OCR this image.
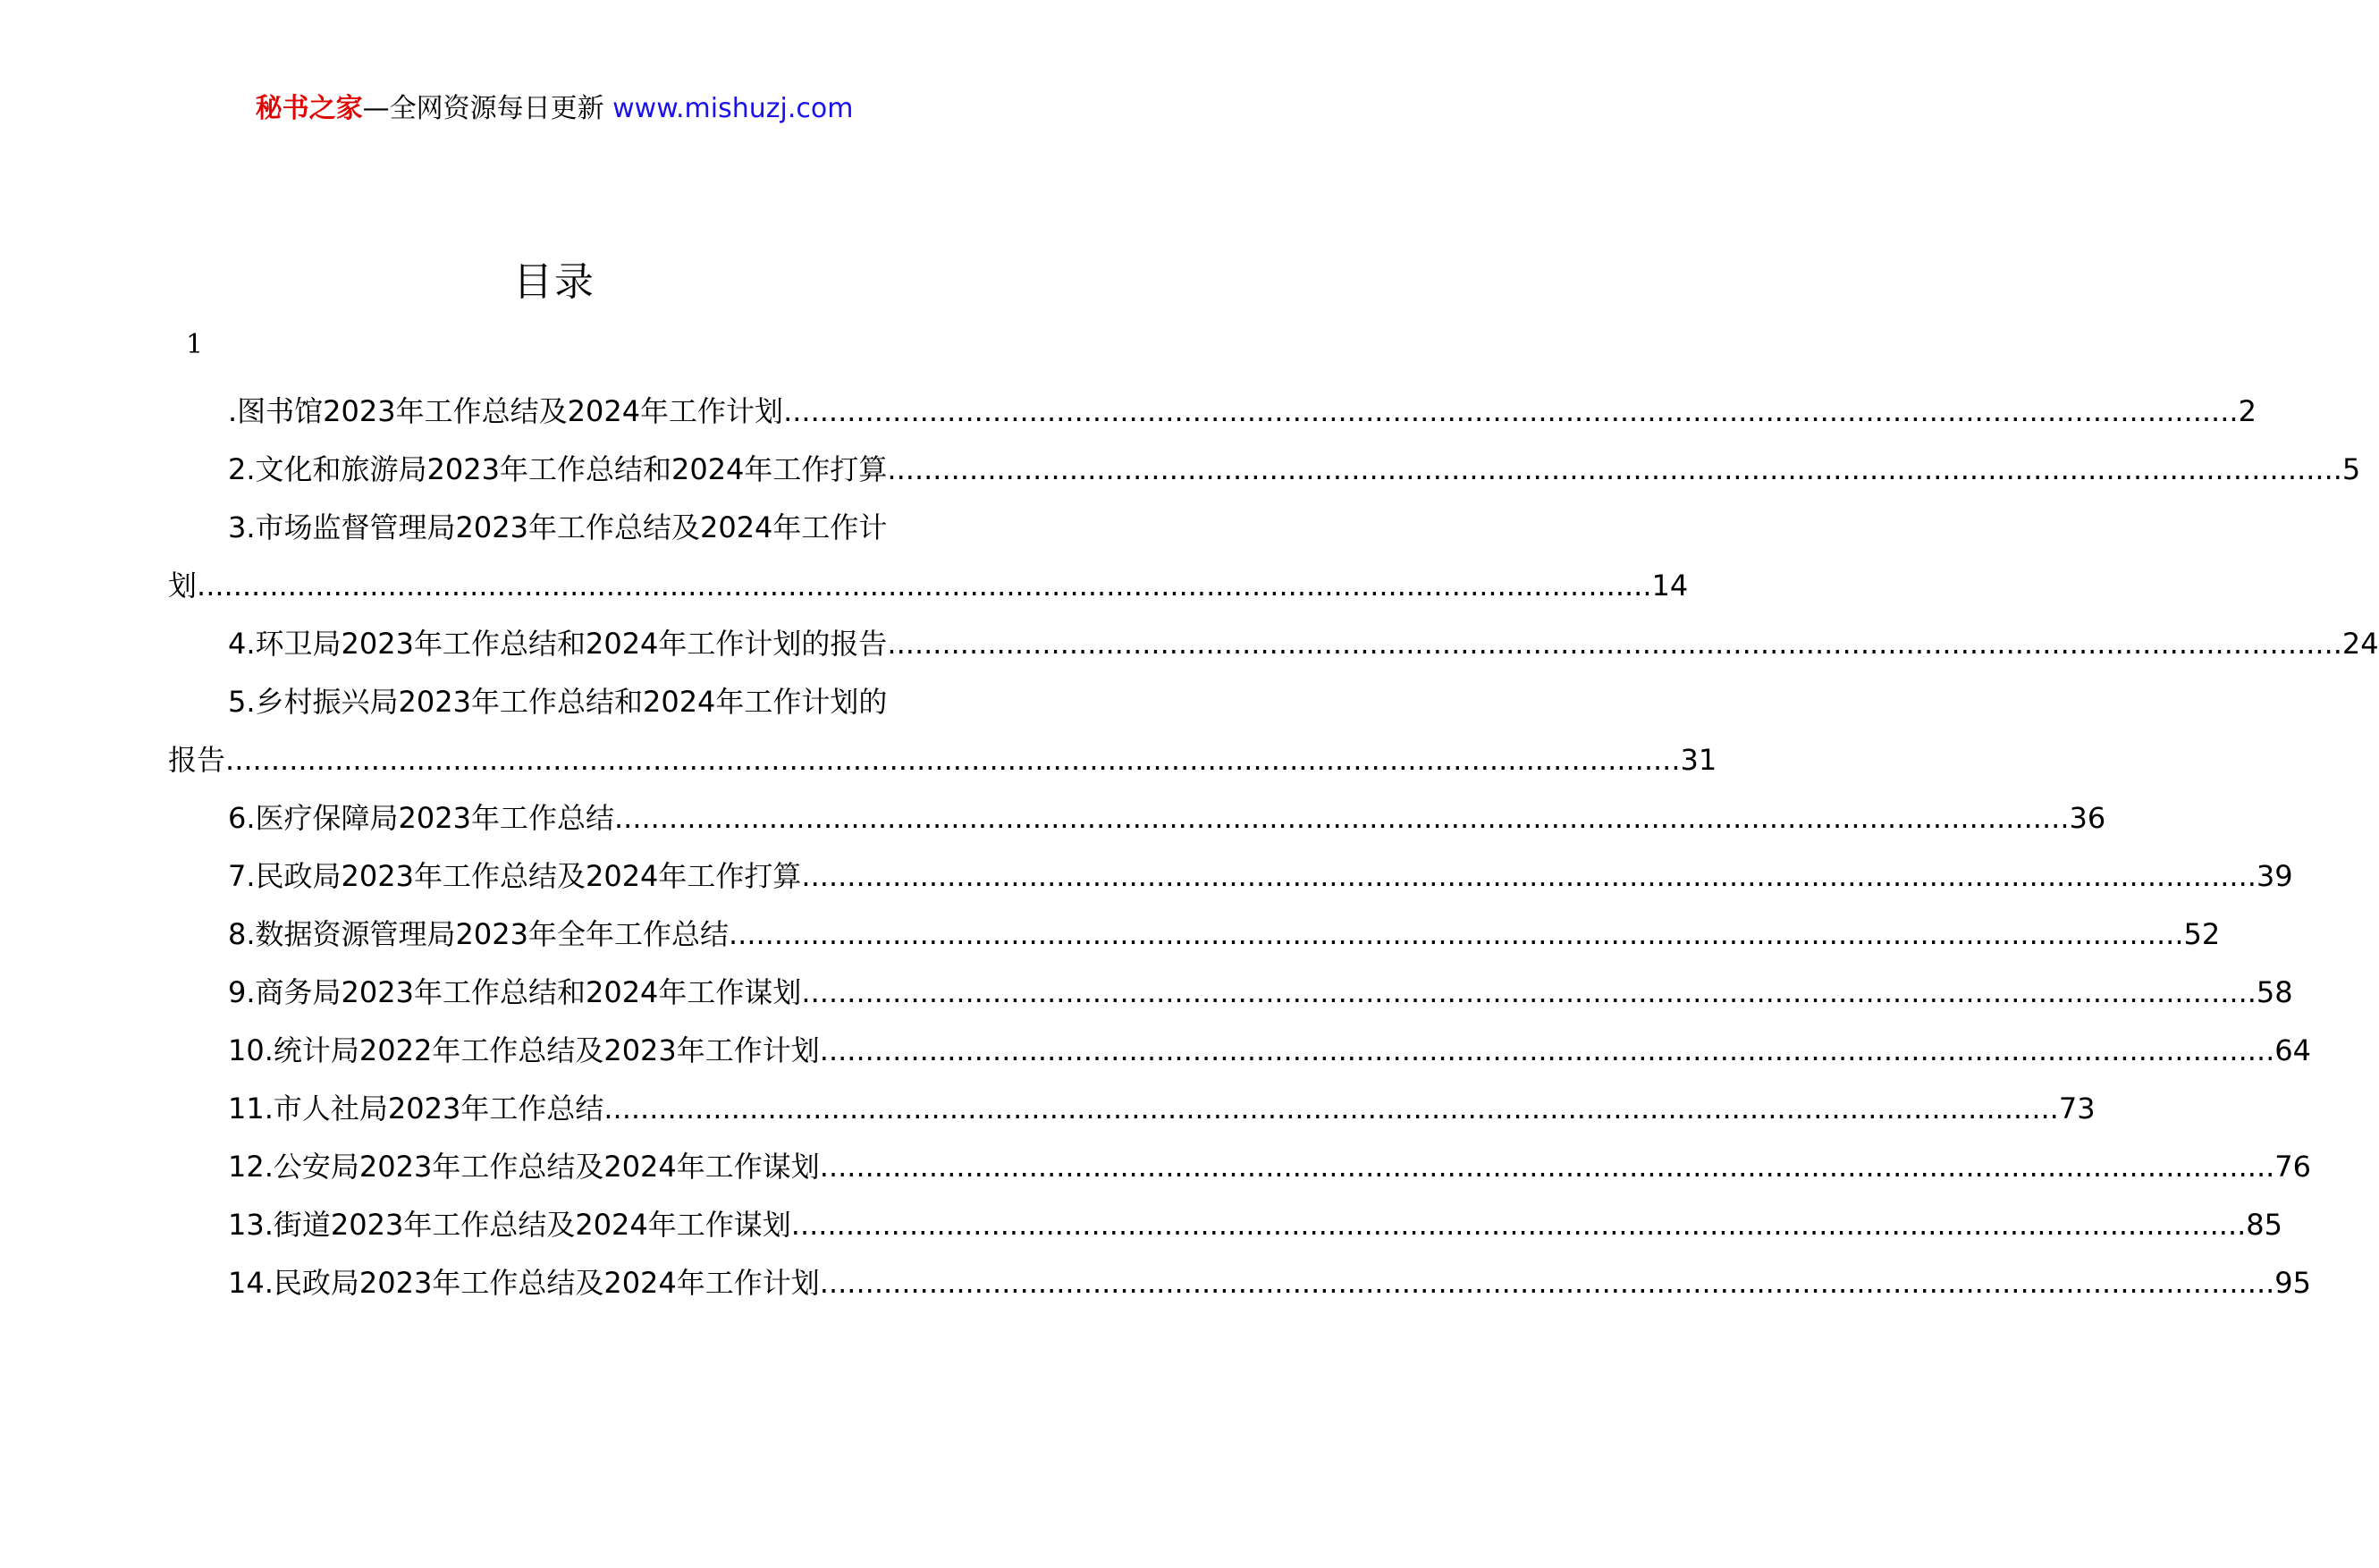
秘书之家—全网资源每日更新 www.mishuzj.com
目录
1
.图书馆2023年工作总结及2024年工作计划 ................................................................................................................................................................ 2
2.文化和旅游局2023年工作总结和2024年工作打算 ................................................................................................................................................................ 5
3.市场监督管理局2023年工作总结及2024年工作计
划 ................................................................................................................................................................ 14
4.环卫局2023年工作总结和2024年工作计划的报告 ................................................................................................................................................................ 24
5.乡村振兴局2023年工作总结和2024年工作计划的
报告 ................................................................................................................................................................ 31
6.医疗保障局2023年工作总结 ................................................................................................................................................................ 36
7.民政局2023年工作总结及2024年工作打算 ................................................................................................................................................................ 39
8.数据资源管理局2023年全年工作总结 ................................................................................................................................................................ 52
9.商务局2023年工作总结和2024年工作谋划 ................................................................................................................................................................ 58
10.统计局2022年工作总结及2023年工作计划 ................................................................................................................................................................ 64
11.市人社局2023年工作总结 ................................................................................................................................................................ 73
12.公安局2023年工作总结及2024年工作谋划 ................................................................................................................................................................ 76
13.街道2023年工作总结及2024年工作谋划 ................................................................................................................................................................ 85
14.民政局2023年工作总结及2024年工作计划 ................................................................................................................................................................ 95
